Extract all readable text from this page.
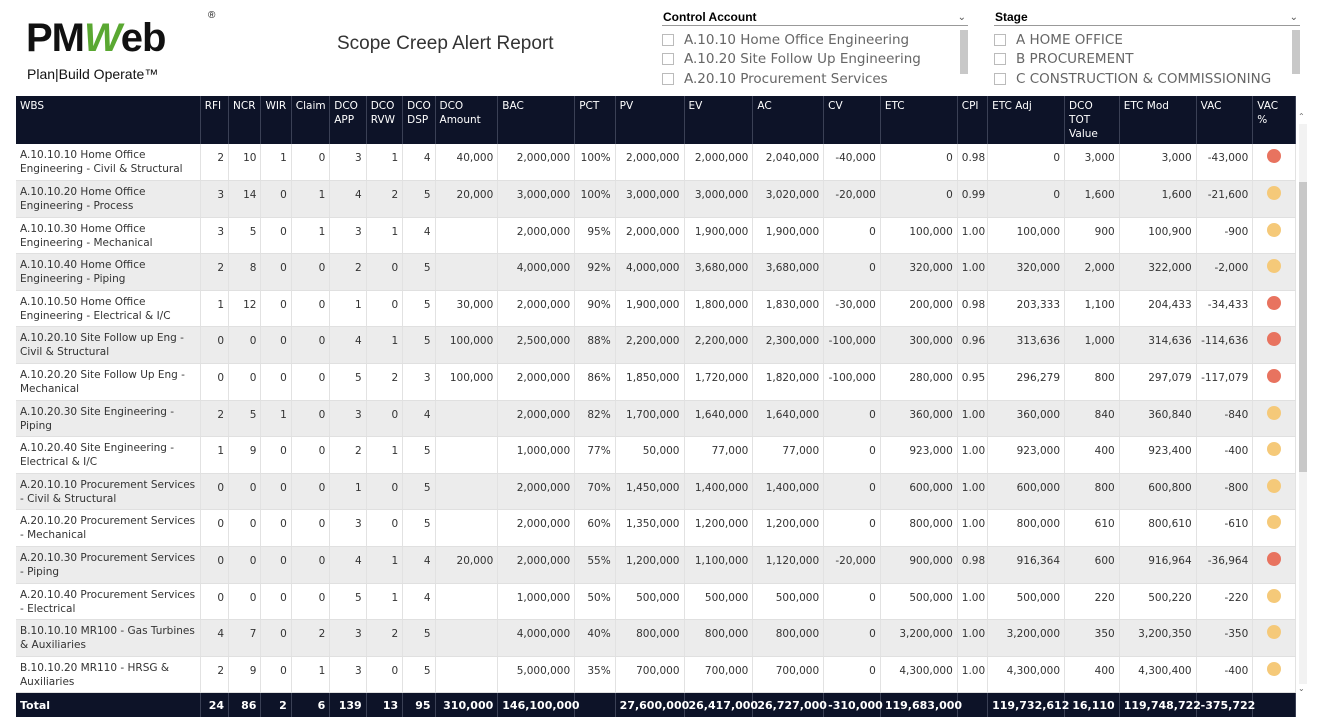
PMWeb
®
Plan|Build Operate™
Scope Creep Alert Report
Control Account	⌄
A.10.10 Home Office Engineering
A.10.20 Site Follow Up Engineering
A.20.10 Procurement Services
Stage	⌄
A HOME OFFICE
B PROCUREMENT
C CONSTRUCTION & COMMISSIONING
WBS	RFI	NCR	WIR	Claim	DCO APP	DCO RVW	DCO DSP	DCO Amount	BAC	PCT	PV	EV	AC	CV	ETC	CPI	ETC Adj	DCO TOT Value	ETC Mod	VAC	VAC %
A.10.10.10 Home Office Engineering - Civil & Structural	2	10	1	0	3	1	4	40,000	2,000,000	100%	2,000,000	2,000,000	2,040,000	-40,000	0	0.98	0	3,000	3,000	-43,000	
A.10.10.20 Home Office Engineering - Process	3	14	0	1	4	2	5	20,000	3,000,000	100%	3,000,000	3,000,000	3,020,000	-20,000	0	0.99	0	1,600	1,600	-21,600	
A.10.10.30 Home Office Engineering - Mechanical	3	5	0	1	3	1	4		2,000,000	95%	2,000,000	1,900,000	1,900,000	0	100,000	1.00	100,000	900	100,900	-900	
A.10.10.40 Home Office Engineering - Piping	2	8	0	0	2	0	5		4,000,000	92%	4,000,000	3,680,000	3,680,000	0	320,000	1.00	320,000	2,000	322,000	-2,000	
A.10.10.50 Home Office Engineering - Electrical & I/C	1	12	0	0	1	0	5	30,000	2,000,000	90%	1,900,000	1,800,000	1,830,000	-30,000	200,000	0.98	203,333	1,100	204,433	-34,433	
A.10.20.10 Site Follow up Eng - Civil & Structural	0	0	0	0	4	1	5	100,000	2,500,000	88%	2,200,000	2,200,000	2,300,000	-100,000	300,000	0.96	313,636	1,000	314,636	-114,636	
A.10.20.20 Site Follow Up Eng - Mechanical	0	0	0	0	5	2	3	100,000	2,000,000	86%	1,850,000	1,720,000	1,820,000	-100,000	280,000	0.95	296,279	800	297,079	-117,079	
A.10.20.30 Site Engineering - Piping	2	5	1	0	3	0	4		2,000,000	82%	1,700,000	1,640,000	1,640,000	0	360,000	1.00	360,000	840	360,840	-840	
A.10.20.40 Site Engineering - Electrical & I/C	1	9	0	0	2	1	5		1,000,000	77%	50,000	77,000	77,000	0	923,000	1.00	923,000	400	923,400	-400	
A.20.10.10 Procurement Services - Civil & Structural	0	0	0	0	1	0	5		2,000,000	70%	1,450,000	1,400,000	1,400,000	0	600,000	1.00	600,000	800	600,800	-800	
A.20.10.20 Procurement Services - Mechanical	0	0	0	0	3	0	5		2,000,000	60%	1,350,000	1,200,000	1,200,000	0	800,000	1.00	800,000	610	800,610	-610	
A.20.10.30 Procurement Services - Piping	0	0	0	0	4	1	4	20,000	2,000,000	55%	1,200,000	1,100,000	1,120,000	-20,000	900,000	0.98	916,364	600	916,964	-36,964	
A.20.10.40 Procurement Services - Electrical	0	0	0	0	5	1	4		1,000,000	50%	500,000	500,000	500,000	0	500,000	1.00	500,000	220	500,220	-220	
B.10.10.10 MR100 - Gas Turbines & Auxiliaries	4	7	0	2	3	2	5		4,000,000	40%	800,000	800,000	800,000	0	3,200,000	1.00	3,200,000	350	3,200,350	-350	
B.10.10.20 MR110 - HRSG & Auxiliaries	2	9	0	1	3	0	5		5,000,000	35%	700,000	700,000	700,000	0	4,300,000	1.00	4,300,000	400	4,300,400	-400	
Total	24	86	2	6	139	13	95	310,000	146,100,000		27,600,000	26,417,000	26,727,000	-310,000	119,683,000		119,732,612	16,110	119,748,722	-375,722	
⌃
⌄
